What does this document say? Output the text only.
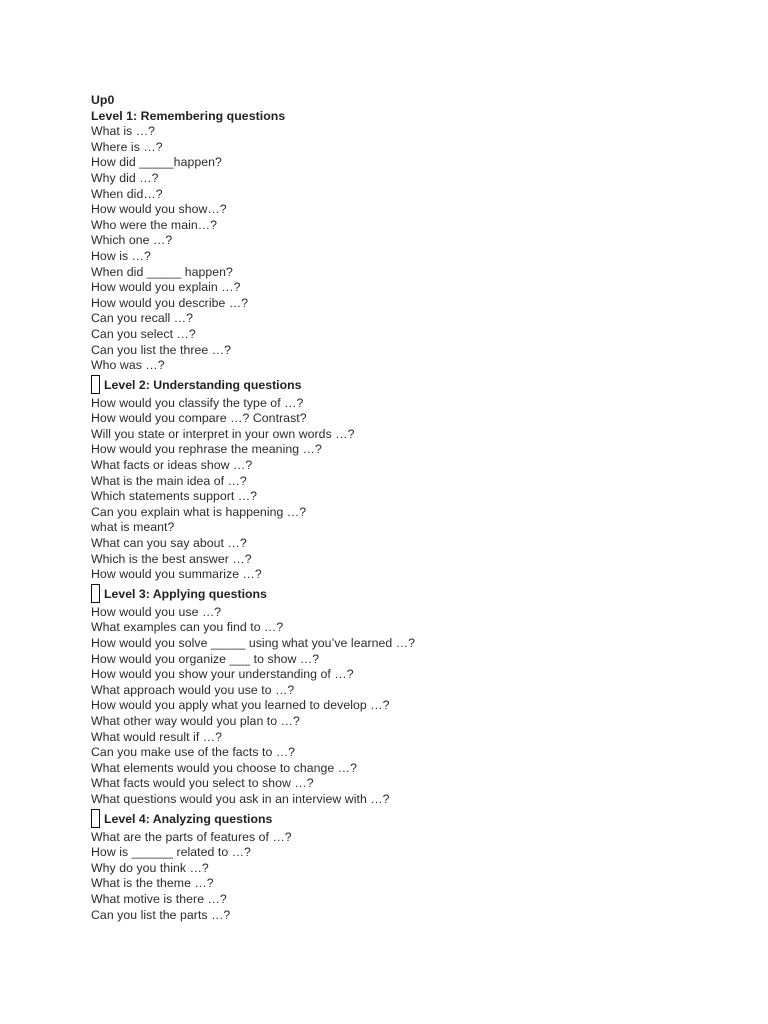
Up0
Level 1: Remembering questions
What is …?
Where is …?
How did _____happen?
Why did …?
When did…?
How would you show…?
Who were the main…?
Which one …?
How is …?
When did _____ happen?
How would you explain …?
How would you describe …?
Can you recall …?
Can you select …?
Can you list the three …?
Who was …?
Level 2: Understanding questions
How would you classify the type of …?
How would you compare …? Contrast?
Will you state or interpret in your own words …?
How would you rephrase the meaning …?
What facts or ideas show …?
What is the main idea of …?
Which statements support …?
Can you explain what is happening …?
what is meant?
What can you say about …?
Which is the best answer …?
How would you summarize …?
Level 3: Applying questions
How would you use …?
What examples can you find to …?
How would you solve _____ using what you’ve learned …?
How would you organize ___ to show …?
How would you show your understanding of …?
What approach would you use to …?
How would you apply what you learned to develop …?
What other way would you plan to …?
What would result if …?
Can you make use of the facts to …?
What elements would you choose to change …?
What facts would you select to show …?
What questions would you ask in an interview with …?
Level 4: Analyzing questions
What are the parts of features of …?
How is ______ related to …?
Why do you think …?
What is the theme …?
What motive is there …?
Can you list the parts …?
